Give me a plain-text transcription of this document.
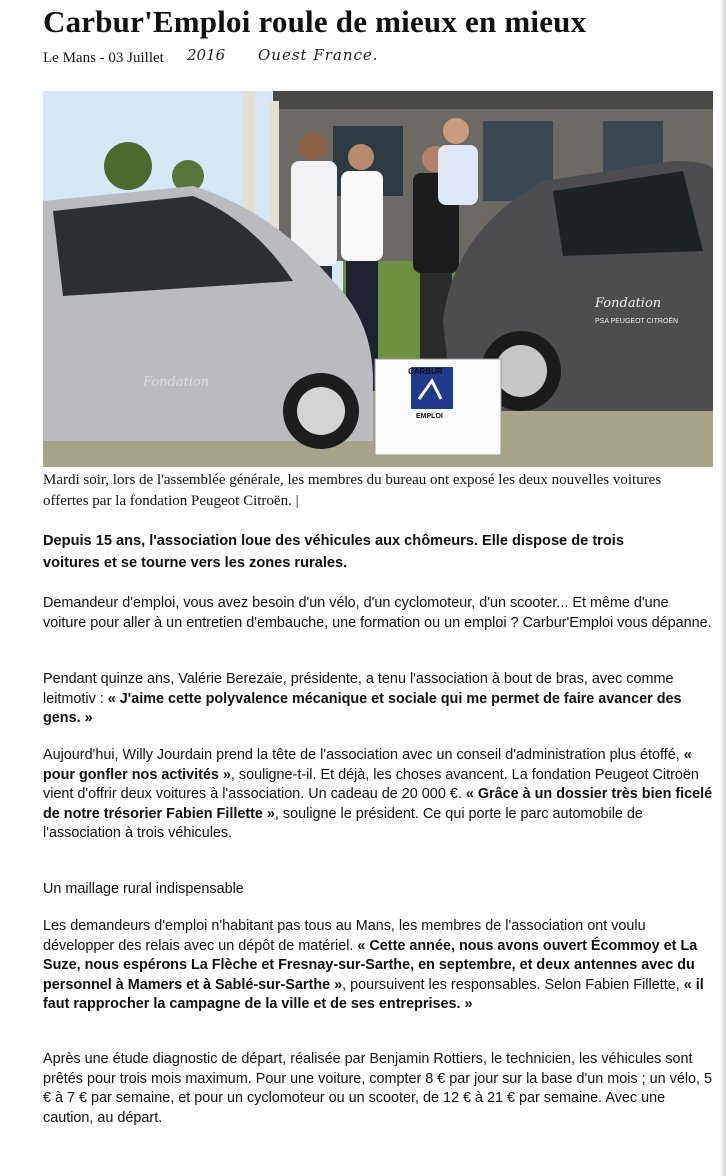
Carbur'Emploi roule de mieux en mieux
Le Mans - 03 Juillet 2016 Ouest France.
Fondation
PSA PEUGEOT CITROËN
Fondation
CARBUR
EMPLOI
Mardi soir, lors de l'assemblée générale, les membres du bureau ont exposé les deux nouvelles voitures offertes par la fondation Peugeot Citroën. |
Depuis 15 ans, l'association loue des véhicules aux chômeurs. Elle dispose de trois voitures et se tourne vers les zones rurales.
Demandeur d'emploi, vous avez besoin d'un vélo, d'un cyclomoteur, d'un scooter... Et même d'une voiture pour aller à un entretien d'embauche, une formation ou un emploi ? Carbur'Emploi vous dépanne.
Pendant quinze ans, Valérie Berezaie, présidente, a tenu l'association à bout de bras, avec comme leitmotiv : « J'aime cette polyvalence mécanique et sociale qui me permet de faire avancer des gens. »
Aujourd'hui, Willy Jourdain prend la tête de l'association avec un conseil d'administration plus étoffé, « pour gonfler nos activités », souligne-t-il. Et déjà, les choses avancent. La fondation Peugeot Citroën vient d'offrir deux voitures à l'association. Un cadeau de 20 000 €. « Grâce à un dossier très bien ficelé de notre trésorier Fabien Fillette », souligne le président. Ce qui porte le parc automobile de l'association à trois véhicules.
Un maillage rural indispensable
Les demandeurs d'emploi n'habitant pas tous au Mans, les membres de l'association ont voulu développer des relais avec un dépôt de matériel. « Cette année, nous avons ouvert Écommoy et La Suze, nous espérons La Flèche et Fresnay-sur-Sarthe, en septembre, et deux antennes avec du personnel à Mamers et à Sablé-sur-Sarthe », poursuivent les responsables. Selon Fabien Fillette, « il faut rapprocher la campagne de la ville et de ses entreprises. »
Après une étude diagnostic de départ, réalisée par Benjamin Rottiers, le technicien, les véhicules sont prêtés pour trois mois maximum. Pour une voiture, compter 8 € par jour sur la base d'un mois ; un vélo, 5 € à 7 € par semaine, et pour un cyclomoteur ou un scooter, de 12 € à 21 € par semaine. Avec une caution, au départ.
